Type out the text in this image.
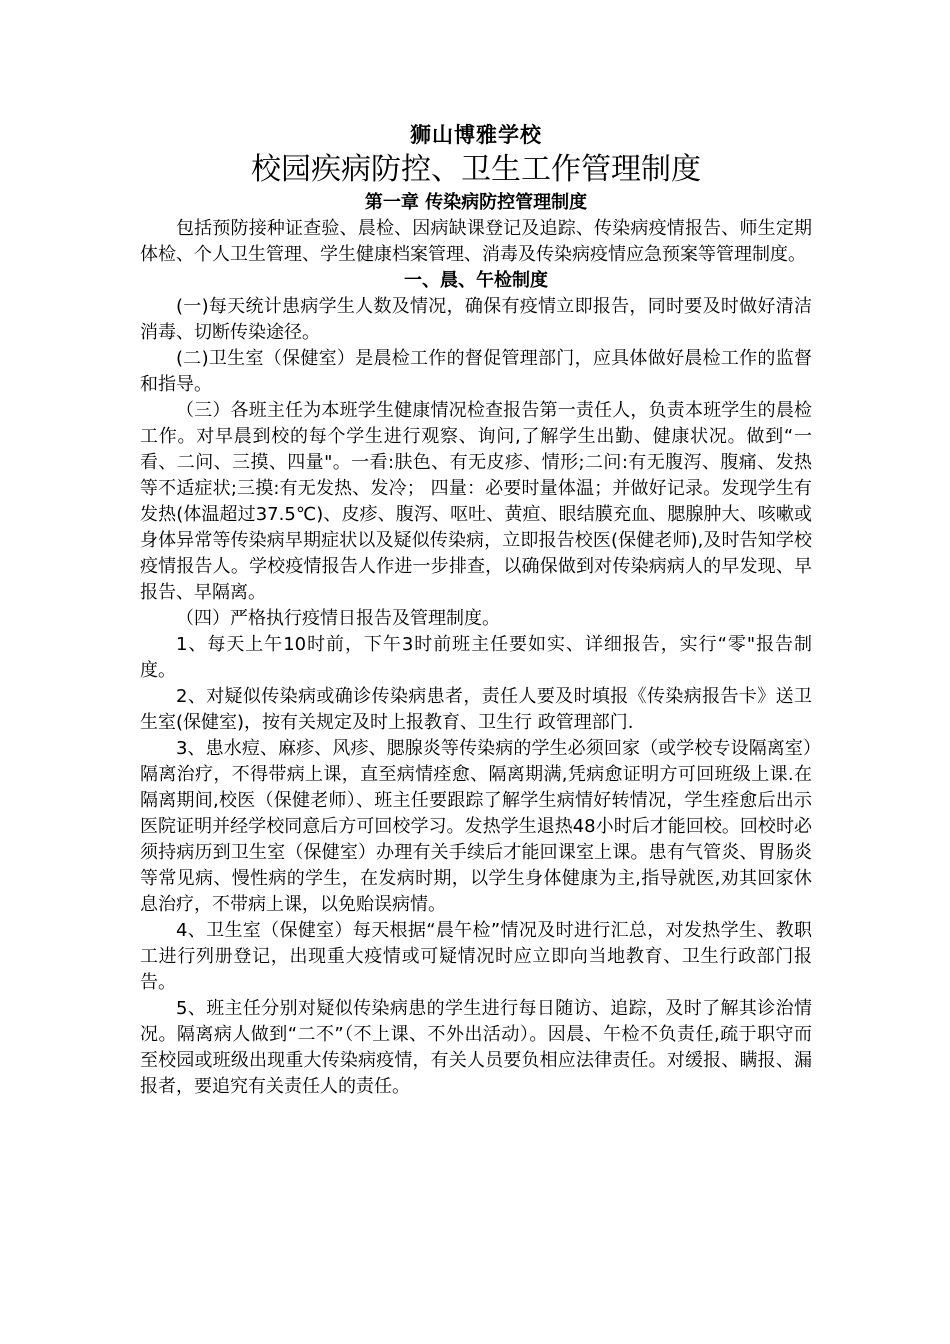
狮山博雅学校
校园疾病防控、卫生工作管理制度
第一章 传染病防控管理制度

包括预防接种证查验、晨检、因病缺课登记及追踪、传染病疫情报告、师生定期体检、个人卫生管理、学生健康档案管理、消毒及传染病疫情应急预案等管理制度。

一、晨、午检制度

(一)每天统计患病学生人数及情况，确保有疫情立即报告，同时要及时做好清洁消毒、切断传染途径。

(二)卫生室（保健室）是晨检工作的督促管理部门，应具体做好晨检工作的监督和指导。

（三）各班主任为本班学生健康情况检查报告第一责任人，负责本班学生的晨检工作。对早晨到校的每个学生进行观察、询问,了解学生出勤、健康状况。做到“一看、二问、三摸、四量"。一看:肤色、有无皮疹、情形;二问:有无腹泻、腹痛、发热等不适症状;三摸:有无发热、发冷； 四量：必要时量体温；并做好记录。发现学生有发热(体温超过37.5℃)、皮疹、腹泻、呕吐、黄疸、眼结膜充血、腮腺肿大、咳嗽或身体异常等传染病早期症状以及疑似传染病，立即报告校医(保健老师),及时告知学校疫情报告人。学校疫情报告人作进一步排查，以确保做到对传染病病人的早发现、早报告、早隔离。

（四）严格执行疫情日报告及管理制度。

1、每天上午10时前，下午3时前班主任要如实、详细报告，实行“零"报告制度。

2、对疑似传染病或确诊传染病患者，责任人要及时填报《传染病报告卡》送卫生室(保健室)，按有关规定及时上报教育、卫生行 政管理部门.

3、患水痘、麻疹、风疹、腮腺炎等传染病的学生必须回家（或学校专设隔离室）隔离治疗，不得带病上课，直至病情痊愈、隔离期满,凭病愈证明方可回班级上课.在隔离期间,校医（保健老师）、班主任要跟踪了解学生病情好转情况，学生痊愈后出示医院证明并经学校同意后方可回校学习。发热学生退热48小时后才能回校。回校时必须持病历到卫生室（保健室）办理有关手续后才能回课室上课。患有气管炎、胃肠炎等常见病、慢性病的学生，在发病时期，以学生身体健康为主,指导就医,劝其回家休息治疗，不带病上课，以免贻误病情。

4、卫生室（保健室）每天根据“晨午检”情况及时进行汇总，对发热学生、教职工进行列册登记，出现重大疫情或可疑情况时应立即向当地教育、卫生行政部门报告。

5、班主任分别对疑似传染病患的学生进行每日随访、追踪，及时了解其诊治情况。隔离病人做到“二不”（不上课、不外出活动）。因晨、午检不负责任,疏于职守而至校园或班级出现重大传染病疫情，有关人员要负相应法律责任。对缓报、瞒报、漏报者，要追究有关责任人的责任。
